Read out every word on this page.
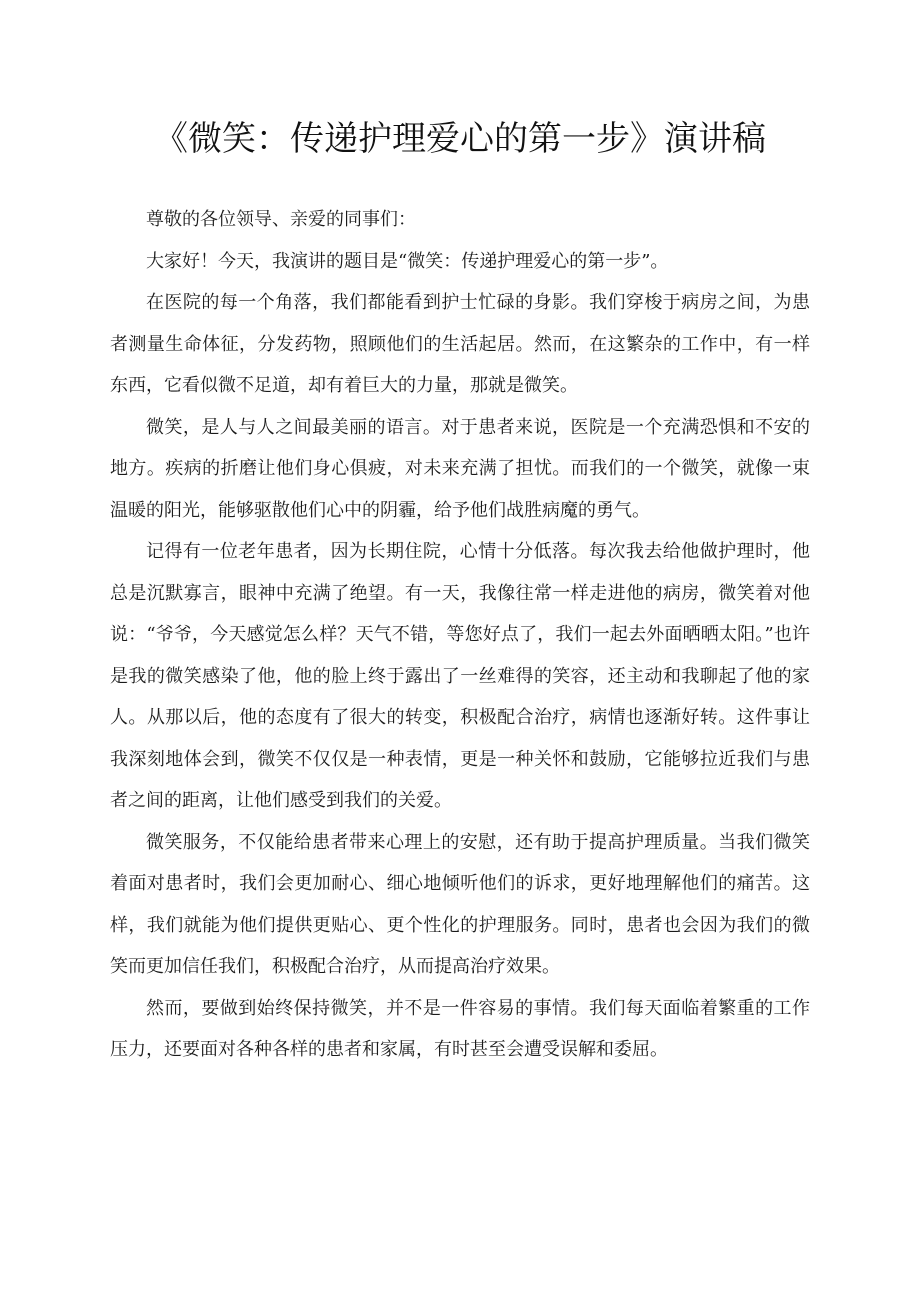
《微笑：传递护理爱心的第一步》演讲稿

尊敬的各位领导、亲爱的同事们：

大家好！今天，我演讲的题目是“微笑：传递护理爱心的第一步”。

在医院的每一个角落，我们都能看到护士忙碌的身影。我们穿梭于病房之间，为患者测量生命体征，分发药物，照顾他们的生活起居。然而，在这繁杂的工作中，有一样东西，它看似微不足道，却有着巨大的力量，那就是微笑。

微笑，是人与人之间最美丽的语言。对于患者来说，医院是一个充满恐惧和不安的地方。疾病的折磨让他们身心俱疲，对未来充满了担忧。而我们的一个微笑，就像一束温暖的阳光，能够驱散他们心中的阴霾，给予他们战胜病魔的勇气。

记得有一位老年患者，因为长期住院，心情十分低落。每次我去给他做护理时，他总是沉默寡言，眼神中充满了绝望。有一天，我像往常一样走进他的病房，微笑着对他说：“爷爷，今天感觉怎么样？天气不错，等您好点了，我们一起去外面晒晒太阳。”也许是我的微笑感染了他，他的脸上终于露出了一丝难得的笑容，还主动和我聊起了他的家人。从那以后，他的态度有了很大的转变，积极配合治疗，病情也逐渐好转。这件事让我深刻地体会到，微笑不仅仅是一种表情，更是一种关怀和鼓励，它能够拉近我们与患者之间的距离，让他们感受到我们的关爱。

微笑服务，不仅能给患者带来心理上的安慰，还有助于提高护理质量。当我们微笑着面对患者时，我们会更加耐心、细心地倾听他们的诉求，更好地理解他们的痛苦。这样，我们就能为他们提供更贴心、更个性化的护理服务。同时，患者也会因为我们的微笑而更加信任我们，积极配合治疗，从而提高治疗效果。

然而，要做到始终保持微笑，并不是一件容易的事情。我们每天面临着繁重的工作压力，还要面对各种各样的患者和家属，有时甚至会遭受误解和委屈。
